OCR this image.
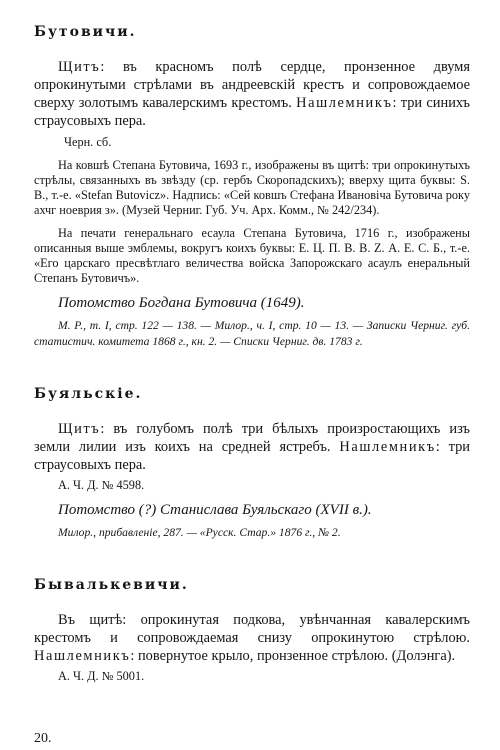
Бутовичи.

Щитъ: въ красномъ полѣ сердце, пронзенное двумя опрокинутыми стрѣлами въ андреевскій крестъ и сопровождаемое сверху золотымъ кавалерскимъ крестомъ. Нашлемникъ: три синихъ страусовыхъ пера.

Черн. сб.

На ковшѣ Степана Бутовича, 1693 г., изображены въ щитѣ: три опрокинутыхъ стрѣлы, связанныхъ въ звѣзду (ср. гербъ Скоропадскихъ); вверху щита буквы: S. B., т.-е. «Stefan Butovicz». Надпись: «Сей ковшъ Стефана Ивановіча Бутовича року ахчг ноеврия з». (Музей Черниг. Губ. Уч. Арх. Комм., № 242/234).

На печати генеральнаго есаула Степана Бутовича, 1716 г., изображены описанныя выше эмблемы, вокругъ коихъ буквы: Е. Ц. П. В. В. Z. А. Е. С. Б., т.-е. «Его царскаго пресвѣтлаго величества войска Запорожскаго асаулъ енеральный Степанъ Бутовичъ».

Потомство Богдана Бутовича (1649).

М. Р., т. I, стр. 122 — 138. — Милор., ч. I, стр. 10 — 13. — Записки Черниг. губ. статистич. комитета 1868 г., кн. 2. — Списки Черниг. дв. 1783 г.

Буяльскіе.

Щитъ: въ голубомъ полѣ три бѣлыхъ произростающихъ изъ земли лилии изъ коихъ на средней ястребъ. Нашлемникъ: три страусовыхъ пера.

А. Ч. Д. № 4598.

Потомство (?) Станислава Буяльскаго (XVII в.).

Милор., прибавленіе, 287. — «Русск. Стар.» 1876 г., № 2.

Бывалькевичи.

Въ щитѣ: опрокинутая подкова, увѣнчанная кавалерскимъ крестомъ и сопровождаемая снизу опрокинутою стрѣлою. Нашлемникъ: повернутое крыло, пронзенное стрѣлою. (Долэнга).

А. Ч. Д. № 5001.

20.
